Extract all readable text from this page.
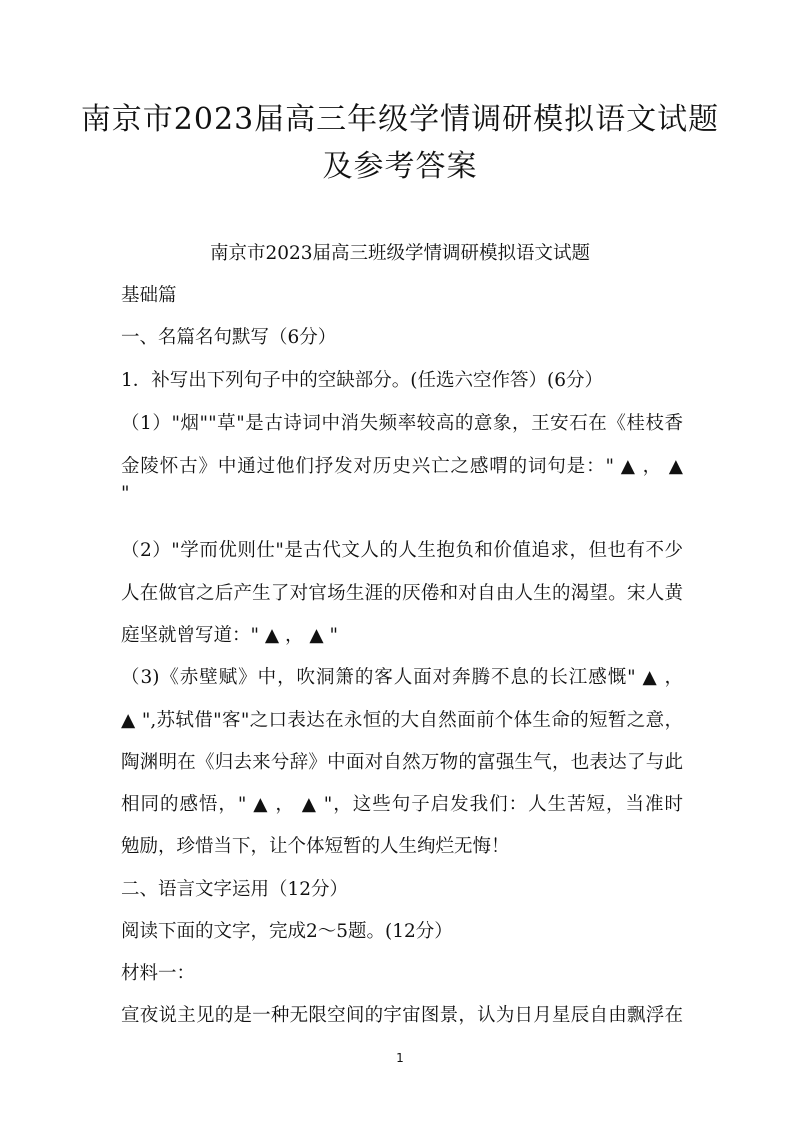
南京市2023届高三年级学情调研模拟语文试题
及参考答案
南京市2023届高三班级学情调研模拟语文试题
基础篇
一、名篇名句默写（6分）
1．补写出下列句子中的空缺部分。(任选六空作答）(6分）
（1）"烟""草"是古诗词中消失频率较高的意象，王安石在《桂枝香
金陵怀古》中通过他们抒发对历史兴亡之感喟的词句是：" ▲ ， ▲
"
（2）"学而优则仕"是古代文人的人生抱负和价值追求，但也有不少
人在做官之后产生了对官场生涯的厌倦和对自由人生的渴望。宋人黄
庭坚就曾写道：" ▲ ， ▲ "
（3)《赤壁赋》中，吹洞箫的客人面对奔腾不息的长江感慨" ▲ ，
▲ ",苏轼借"客"之口表达在永恒的大自然面前个体生命的短暂之意，
陶渊明在《归去来兮辞》中面对自然万物的富强生气，也表达了与此
相同的感悟，" ▲ ， ▲ "，这些句子启发我们：人生苦短，当准时
勉励，珍惜当下，让个体短暂的人生绚烂无悔！
二、语言文字运用（12分）
阅读下面的文字，完成2～5题。(12分）
材料一：
宣夜说主见的是一种无限空间的宇宙图景，认为日月星辰自由飘浮在
1
